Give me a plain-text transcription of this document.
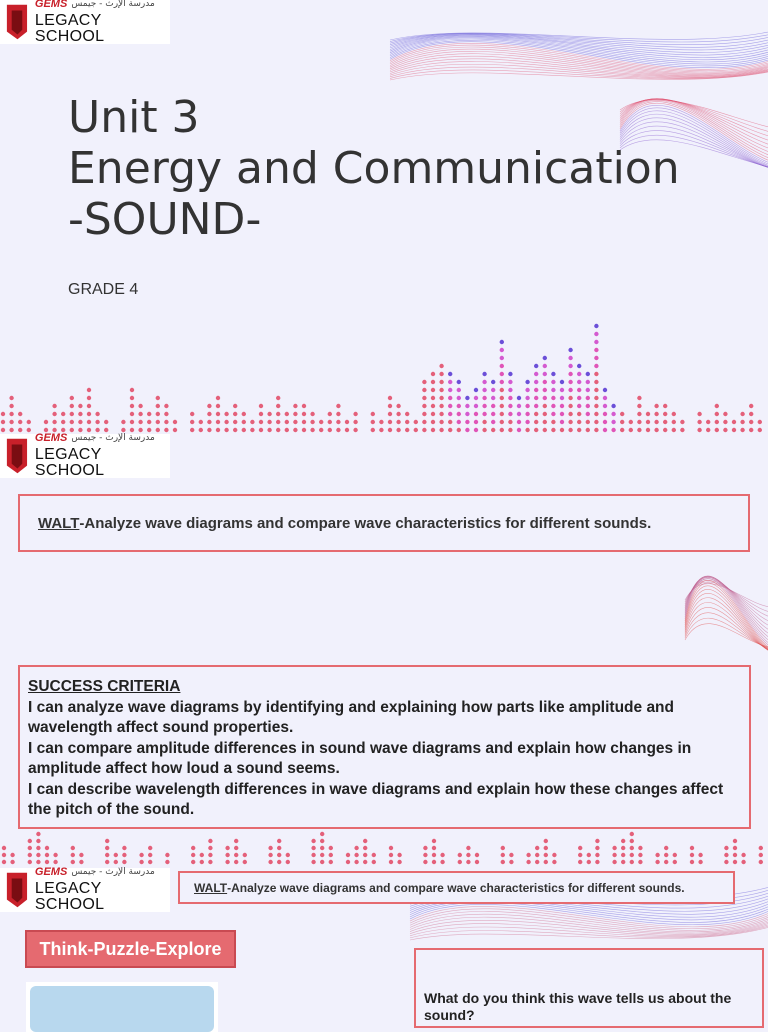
GEMS مدرسة الإرث - جيمس
LEGACY SCHOOL
Unit 3
Energy and Communication
-SOUND-
GRADE 4
GEMS مدرسة الإرث - جيمس
LEGACY SCHOOL
WALT -Analyze wave diagrams and compare wave characteristics for different sounds.
SUCCESS CRITERIA
I can analyze wave diagrams by identifying and explaining how parts like amplitude and wavelength affect sound properties.
I can compare amplitude differences in sound wave diagrams and explain how changes in amplitude affect how loud a sound seems.
I can describe wavelength differences in wave diagrams and explain how these changes affect the pitch of the sound.
GEMS مدرسة الإرث - جيمس
LEGACY SCHOOL
WALT -Analyze wave diagrams and compare wave characteristics for different sounds.
Think-Puzzle-Explore
What do you think this wave tells us about the sound?
